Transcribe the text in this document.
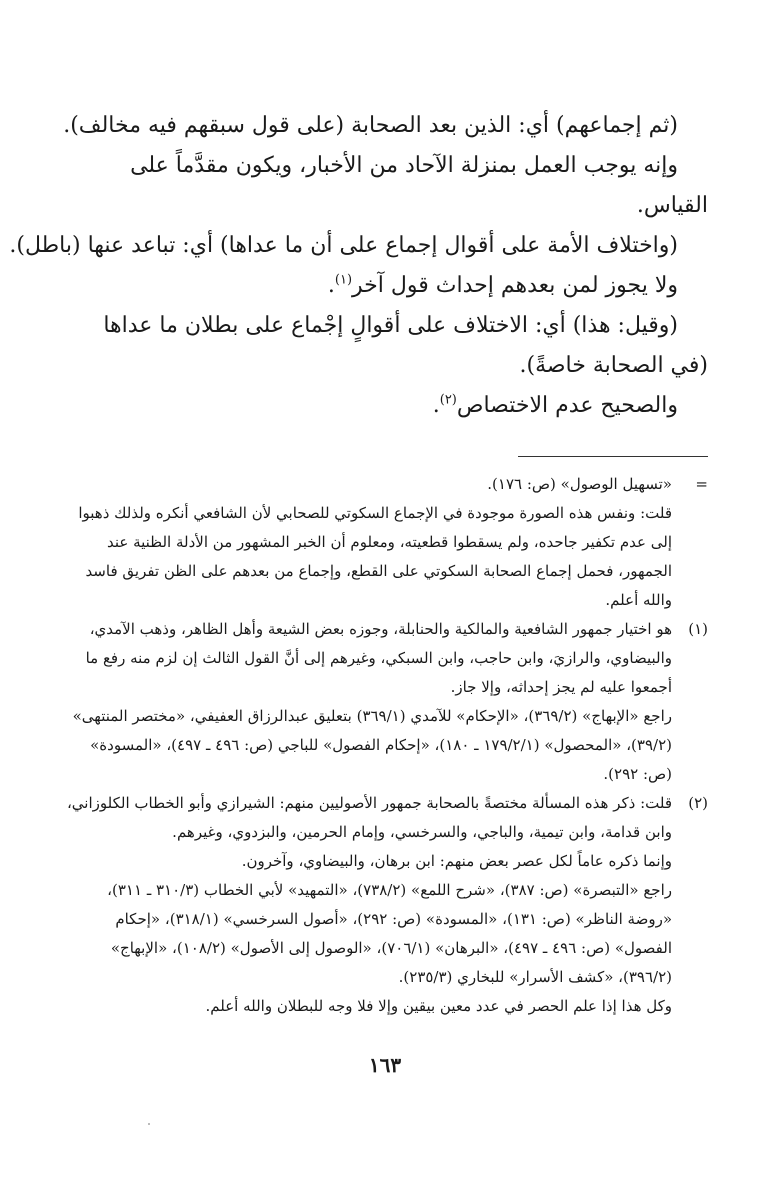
(ثم إجماعهم) أي: الذين بعد الصحابة (على قول سبقهم فيه مخالف).

وإنه يوجب العمل بمنزلة الآحاد من الأخبار، ويكون مقدَّماً على

القياس.

(واختلاف الأمة على أقوال إجماع على أن ما عداها) أي: تباعد عنها (باطل).

ولا يجوز لمن بعدهم إحداث قول آخر$^{(١)}$.

(وقيل: هذا) أي: الاختلاف على أقوالٍ إجْماع على بطلان ما عداها

(في الصحابة خاصةً).

والصحيح عدم الاختصاص$^{(٢)}$.

=

«تسهيل الوصول» (ص: ١٧٦).

قلت: ونفس هذه الصورة موجودة في الإجماع السكوتي للصحابي لأن الشافعي أنكره ولذلك ذهبوا إلى عدم تكفير جاحده، ولم يسقطوا قطعيته، ومعلوم أن الخبر المشهور من الأدلة الظنية عند الجمهور، فحمل إجماع الصحابة السكوتي على القطع، وإجماع من بعدهم على الظن تفريق فاسد والله أعلم.

(١)

هو اختيار جمهور الشافعية والمالكية والحنابلة، وجوزه بعض الشيعة وأهل الظاهر، وذهب الآمدي، والبيضاوي، والرازيَ، وابن حاجب، وابن السبكي، وغيرهم إلى أنَّ القول الثالث إن لزم منه رفع ما أجمعوا عليه لم يجز إحداثه، وإلا جاز.

راجع «الإبهاج» (٣٦٩/٢)، «الإحكام» للآمدي (٣٦٩/١) بتعليق عبدالرزاق العفيفي، «مختصر المنتهى» (٣٩/٢)، «المحصول» (١٧٩/٢/١ ـ ١٨٠)، «إحكام الفصول» للباجي (ص: ٤٩٦ ـ ٤٩٧)، «المسودة» (ص: ٢٩٢).

(٢)

قلت: ذكر هذه المسألة مختصةً بالصحابة جمهور الأصوليين منهم: الشيرازي وأبو الخطاب الكلوزاني، وابن قدامة، وابن تيمية، والباجي، والسرخسي، وإمام الحرمين، والبزدوي، وغيرهم.

وإنما ذكره عاماً لكل عصر بعض منهم: ابن برهان، والبيضاوي، وآخرون.

راجع «التبصرة» (ص: ٣٨٧)، «شرح اللمع» (٧٣٨/٢)، «التمهيد» لأبي الخطاب (٣١٠/٣ ـ ٣١١)، «روضة الناظر» (ص: ١٣١)، «المسودة» (ص: ٢٩٢)، «أصول السرخسي» (٣١٨/١)، «إحكام الفصول» (ص: ٤٩٦ ـ ٤٩٧)، «البرهان» (٧٠٦/١)، «الوصول إلى الأصول» (١٠٨/٢)، «الإبهاج» (٣٩٦/٢)، «كشف الأسرار» للبخاري (٢٣٥/٣).

وكل هذا إذا علم الحصر في عدد معين بيقين وإلا فلا وجه للبطلان والله أعلم.

١٦٣
